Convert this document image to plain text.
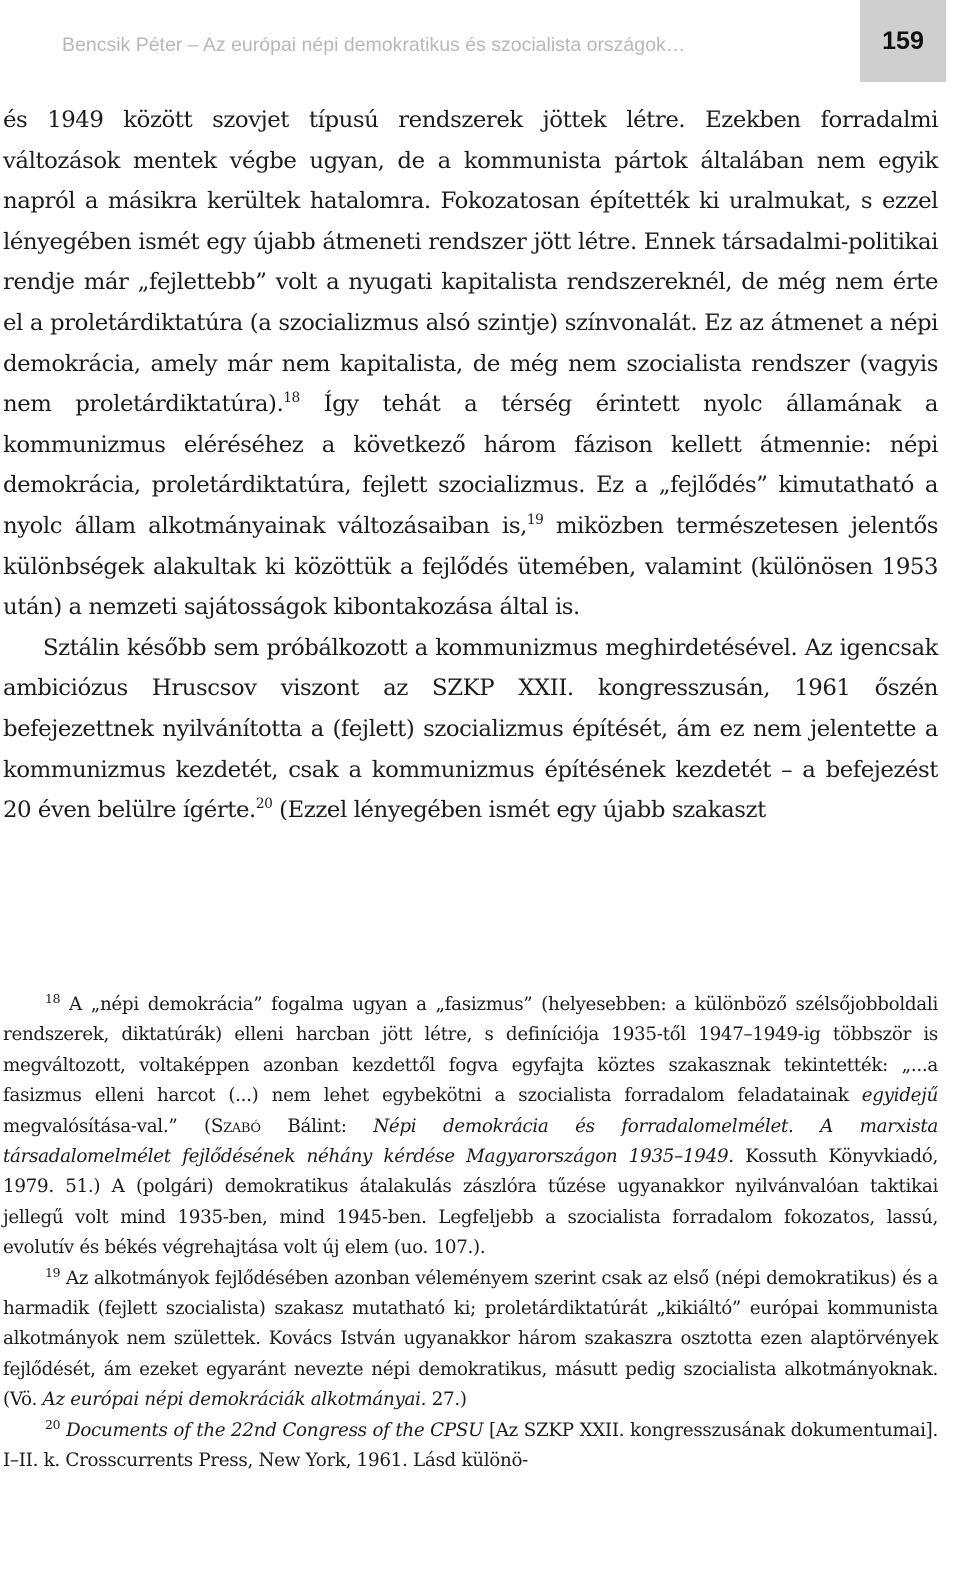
Bencsik Péter – Az európai népi demokratikus és szocialista országok…	159

és 1949 között szovjet típusú rendszerek jöttek létre. Ezekben forradalmi változások mentek végbe ugyan, de a kommunista pártok általában nem egyik napról a másikra kerültek hatalomra. Fokozatosan építették ki uralmukat, s ezzel lényegében ismét egy újabb átmeneti rendszer jött létre. Ennek társadalmi-politikai rendje már „fejlettebb” volt a nyugati kapitalista rendszereknél, de még nem érte el a proletárdiktatúra (a szocializmus alsó szintje) színvonalát. Ez az átmenet a népi demokrácia, amely már nem kapitalista, de még nem szocialista rendszer (vagyis nem proletárdiktatúra).$^{18}$ Így tehát a térség érintett nyolc államának a kommunizmus eléréséhez a következő három fázison kellett átmennie: népi demokrácia, proletárdiktatúra, fejlett szocializmus. Ez a „fejlődés” kimutatható a nyolc állam alkotmányainak változásaiban is,$^{19}$ miközben természetesen jelentős különbségek alakultak ki közöttük a fejlődés ütemében, valamint (különösen 1953 után) a nemzeti sajátosságok kibontakozása által is.

Sztálin később sem próbálkozott a kommunizmus meghirdetésével. Az igencsak ambiciózus Hruscsov viszont az SZKP XXII. kongresszusán, 1961 őszén befejezettnek nyilvánította a (fejlett) szocializmus építését, ám ez nem jelentette a kommunizmus kezdetét, csak a kommunizmus építésének kezdetét – a befejezést 20 éven belülre ígérte.$^{20}$ (Ezzel lényegében ismét egy újabb szakaszt

$^{18}$ A „népi demokrácia” fogalma ugyan a „fasizmus” (helyesebben: a különböző szélsőjobboldali rendszerek, diktatúrák) elleni harcban jött létre, s definíciója 1935-től 1947–1949-ig többször is megváltozott, voltaképpen azonban kezdettől fogva egyfajta köztes szakasznak tekintették: „...a fasizmus elleni harcot (...) nem lehet egybekötni a szocialista forradalom feladatainak egyidejű megvalósítása-val.” (Szabó Bálint: Népi demokrácia és forradalomelmélet. A marxista társadalomelmélet fejlődésének néhány kérdése Magyarországon 1935–1949. Kossuth Könyvkiadó, 1979. 51.) A (polgári) demokratikus átalakulás zászlóra tűzése ugyanakkor nyilvánvalóan taktikai jellegű volt mind 1935-ben, mind 1945-ben. Legfeljebb a szocialista forradalom fokozatos, lassú, evolutív és békés végrehajtása volt új elem (uo. 107.).

$^{19}$ Az alkotmányok fejlődésében azonban véleményem szerint csak az első (népi demokratikus) és a harmadik (fejlett szocialista) szakasz mutatható ki; proletárdiktatúrát „kikiáltó” európai kommunista alkotmányok nem születtek. Kovács István ugyanakkor három szakaszra osztotta ezen alaptörvények fejlődését, ám ezeket egyaránt nevezte népi demokratikus, másutt pedig szocialista alkotmányoknak. (Vö. Az európai népi demokráciák alkotmányai. 27.)

$^{20}$ Documents of the 22nd Congress of the CPSU [Az SZKP XXII. kongresszusának dokumentumai]. I–II. k. Crosscurrents Press, New York, 1961. Lásd különö-
